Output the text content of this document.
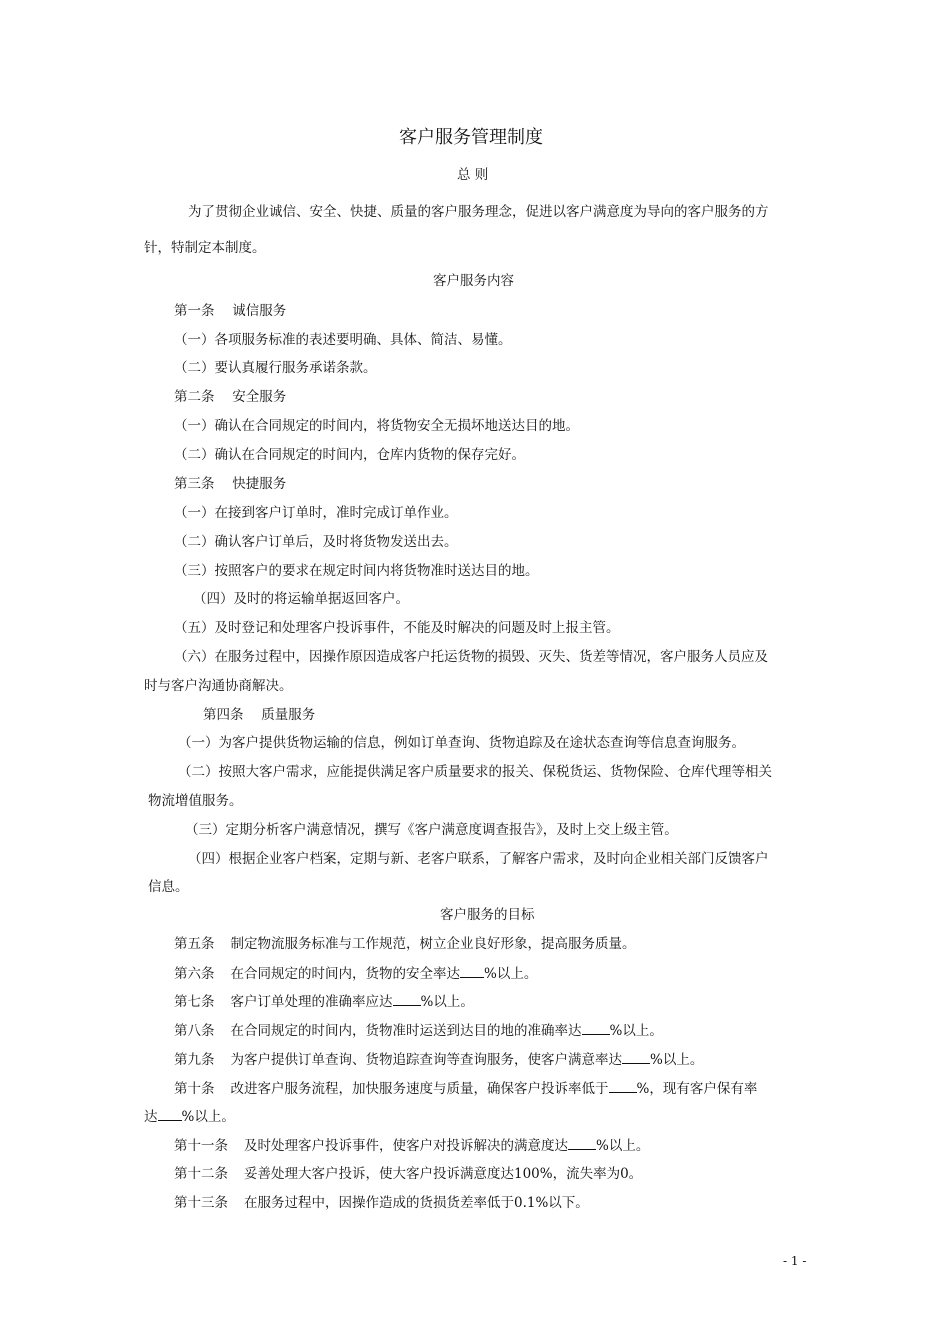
客户服务管理制度
总 则
为了贯彻企业诚信、安全、快捷、质量的客户服务理念，促进以客户满意度为导向的客户服务的方
针，特制定本制度。
客户服务内容
第一条　 诚信服务
（一）各项服务标准的表述要明确、具体、简洁、易懂。
（二）要认真履行服务承诺条款。
第二条　 安全服务
（一）确认在合同规定的时间内，将货物安全无损坏地送达目的地。
（二）确认在合同规定的时间内，仓库内货物的保存完好。
第三条　 快捷服务
（一）在接到客户订单时，准时完成订单作业。
（二）确认客户订单后，及时将货物发送出去。
（三）按照客户的要求在规定时间内将货物准时送达目的地。
（四）及时的将运输单据返回客户。
（五）及时登记和处理客户投诉事件，不能及时解决的问题及时上报主管。
（六）在服务过程中，因操作原因造成客户托运货物的损毁、灭失、货差等情况，客户服务人员应及
时与客户沟通协商解决。
第四条　 质量服务
（一）为客户提供货物运输的信息，例如订单查询、货物追踪及在途状态查询等信息查询服务。
（二）按照大客户需求，应能提供满足客户质量要求的报关、保税货运、货物保险、仓库代理等相关
物流增值服务。
（三）定期分析客户满意情况，撰写《客户满意度调查报告》，及时上交上级主管。
（四）根据企业客户档案，定期与新、老客户联系，了解客户需求，及时向企业相关部门反馈客户
信息。
客户服务的目标
第五条 制定物流服务标准与工作规范，树立企业良好形象，提高服务质量。
第六条 在合同规定的时间内，货物的安全率达 %以上。
第七条 客户订单处理的准确率应达 %以上。
第八条 在合同规定的时间内，货物准时运送到达目的地的准确率达 %以上。
第九条 为客户提供订单查询、货物追踪查询等查询服务，使客户满意率达 %以上。
第十条 改进客户服务流程，加快服务速度与质量，确保客户投诉率低于 %，现有客户保有率
达 %以上。
第十一条 及时处理客户投诉事件，使客户对投诉解决的满意度达 %以上。
第十二条 妥善处理大客户投诉，使大客户投诉满意度达100%，流失率为0。
第十三条 在服务过程中，因操作造成的货损货差率低于0.1%以下。
- 1 -
